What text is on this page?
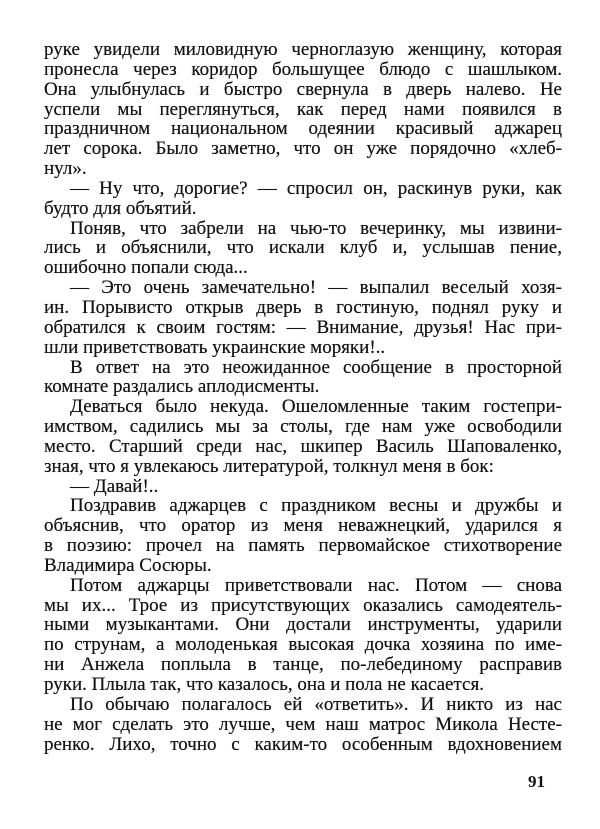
руке увидели миловидную черноглазую женщину, которая
пронесла через коридор большущее блюдо с шашлыком.
Она улыбнулась и быстро свернула в дверь налево. Не
успели мы переглянуться, как перед нами появился в
праздничном национальном одеянии красивый аджарец
лет сорока. Было заметно, что он уже порядочно «хлеб-
нул».
— Ну что, дорогие? — спросил он, раскинув руки, как
будто для объятий.
Поняв, что забрели на чью-то вечеринку, мы извини-
лись и объяснили, что искали клуб и, услышав пение,
ошибочно попали сюда...
— Это очень замечательно! — выпалил веселый хозя-
ин. Порывисто открыв дверь в гостиную, поднял руку и
обратился к своим гостям: — Внимание, друзья! Нас при-
шли приветствовать украинские моряки!..
В ответ на это неожиданное сообщение в просторной
комнате раздались аплодисменты.
Деваться было некуда. Ошеломленные таким гостепри-
имством, садились мы за столы, где нам уже освободили
место. Старший среди нас, шкипер Василь Шаповаленко,
зная, что я увлекаюсь литературой, толкнул меня в бок:
— Давай!..
Поздравив аджарцев с праздником весны и дружбы и
объяснив, что оратор из меня неважнецкий, ударился я
в поэзию: прочел на память первомайское стихотворение
Владимира Сосюры.
Потом аджарцы приветствовали нас. Потом — снова
мы их... Трое из присутствующих оказались самодеятель-
ными музыкантами. Они достали инструменты, ударили
по струнам, а молоденькая высокая дочка хозяина по име-
ни Анжела поплыла в танце, по-лебединому расправив
руки. Плыла так, что казалось, она и пола не касается.
По обычаю полагалось ей «ответить». И никто из нас
не мог сделать это лучше, чем наш матрос Микола Несте-
ренко. Лихо, точно с каким-то особенным вдохновением
91
